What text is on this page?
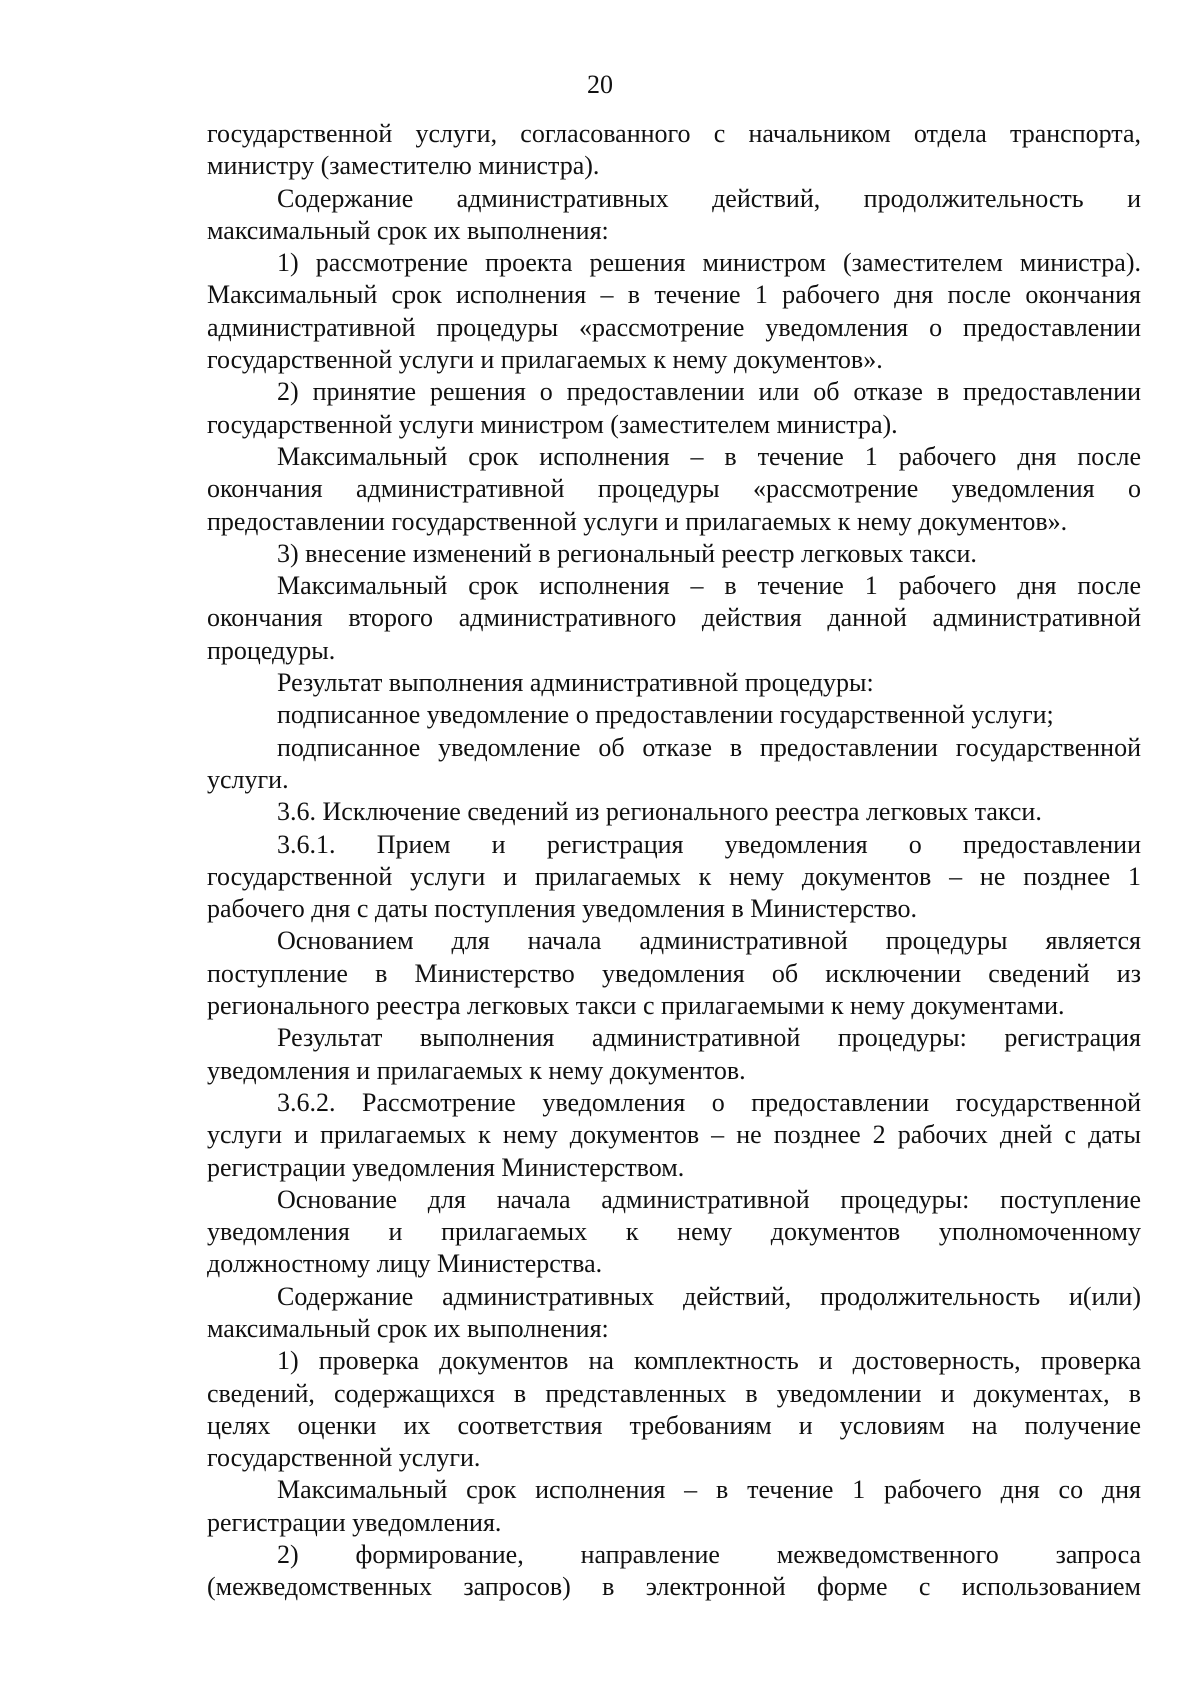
20
государственной услуги, согласованного с начальником отдела транспорта,
министру (заместителю министра).
Содержание административных действий, продолжительность и
максимальный срок их выполнения:
1) рассмотрение проекта решения министром (заместителем министра).
Максимальный срок исполнения – в течение 1 рабочего дня после окончания
административной процедуры «рассмотрение уведомления о предоставлении
государственной услуги и прилагаемых к нему документов».
2) принятие решения о предоставлении или об отказе в предоставлении
государственной услуги министром (заместителем министра).
Максимальный срок исполнения – в течение 1 рабочего дня после
окончания административной процедуры «рассмотрение уведомления о
предоставлении государственной услуги и прилагаемых к нему документов».
3) внесение изменений в региональный реестр легковых такси.
Максимальный срок исполнения – в течение 1 рабочего дня после
окончания второго административного действия данной административной
процедуры.
Результат выполнения административной процедуры:
подписанное уведомление о предоставлении государственной услуги;
подписанное уведомление об отказе в предоставлении государственной
услуги.
3.6. Исключение сведений из регионального реестра легковых такси.
3.6.1. Прием и регистрация уведомления о предоставлении
государственной услуги и прилагаемых к нему документов – не позднее 1
рабочего дня с даты поступления уведомления в Министерство.
Основанием для начала административной процедуры является
поступление в Министерство уведомления об исключении сведений из
регионального реестра легковых такси с прилагаемыми к нему документами.
Результат выполнения административной процедуры: регистрация
уведомления и прилагаемых к нему документов.
3.6.2. Рассмотрение уведомления о предоставлении государственной
услуги и прилагаемых к нему документов – не позднее 2 рабочих дней с даты
регистрации уведомления Министерством.
Основание для начала административной процедуры: поступление
уведомления и прилагаемых к нему документов уполномоченному
должностному лицу Министерства.
Содержание административных действий, продолжительность и(или)
максимальный срок их выполнения:
1) проверка документов на комплектность и достоверность, проверка
сведений, содержащихся в представленных в уведомлении и документах, в
целях оценки их соответствия требованиям и условиям на получение
государственной услуги.
Максимальный срок исполнения – в течение 1 рабочего дня со дня
регистрации уведомления.
2) формирование, направление межведомственного запроса
(межведомственных запросов) в электронной форме с использованием
